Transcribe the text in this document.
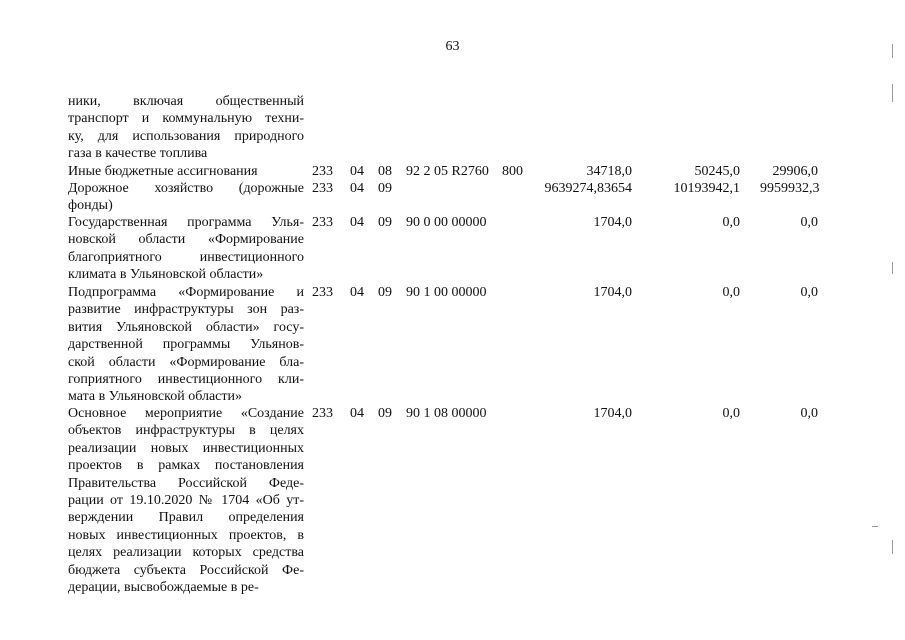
63
ники, включая общественный
транспорт и коммунальную техни-
ку, для использования природного
газа в качестве топлива
Иные бюджетные ассигнования	233 04 08 92 2 05 R2760 800	34718,0	50245,0	29906,0
Дорожное хозяйство (дорожные
фонды)
233 04 09	9639274,83654	10193942,1 9959932,3
Государственная программа Улья-
новской области «Формирование
благоприятного инвестиционного
климата в Ульяновской области»
233 04 09 90 0 00 00000	1704,0	0,0	0,0
Подпрограмма «Формирование и
развитие инфраструктуры зон раз-
вития Ульяновской области» госу-
дарственной программы Ульянов-
ской области «Формирование бла-
гоприятного инвестиционного кли-
мата в Ульяновской области»
233 04 09 90 1 00 00000	1704,0	0,0	0,0
Основное мероприятие «Создание
объектов инфраструктуры в целях
реализации новых инвестиционных
проектов в рамках постановления
Правительства Российской Феде-
рации от 19.10.2020 № 1704 «Об ут-
верждении Правил определения
новых инвестиционных проектов, в
целях реализации которых средства
бюджета субъекта Российской Фе-
дерации, высвобождаемые в ре-
233 04 09 90 1 08 00000	1704,0	0,0	0,0
